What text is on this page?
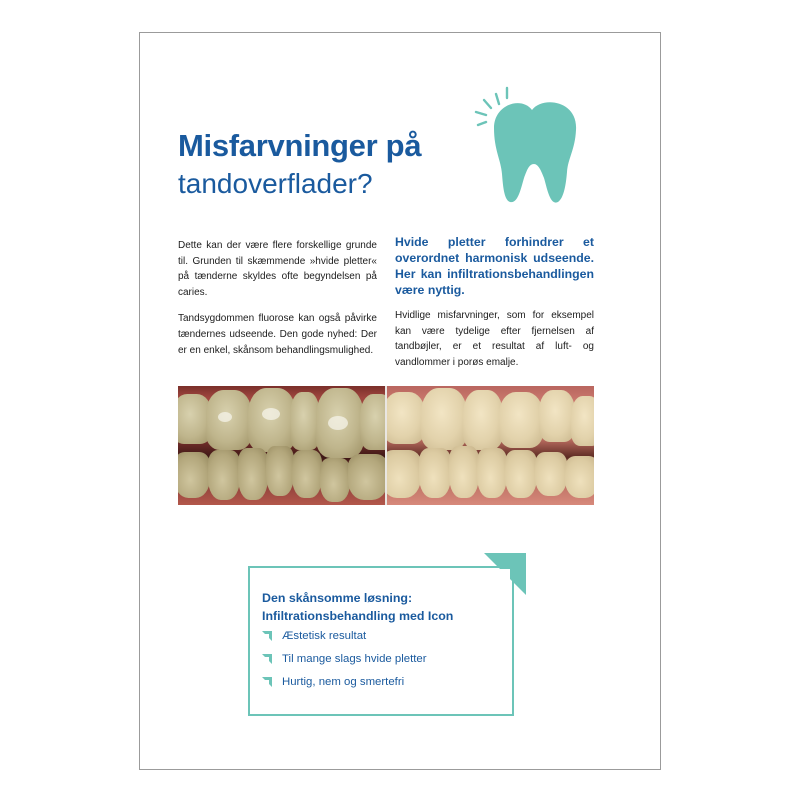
Misfarvninger på
tandoverflader?

Dette kan der være flere forskellige grunde til. Grunden til skæmmende »hvide pletter« på tænderne skyldes ofte begyndelsen på caries.

Tandsygdommen fluorose kan også påvirke tændernes udseende. Den gode nyhed: Der er en enkel, skånsom behandlingsmulighed.

Hvide pletter forhindrer et overordnet harmonisk udseende. Her kan infiltrationsbehandlingen være nyttig.

Hvidlige misfarvninger, som for eksempel kan være tydelige efter fjernelsen af tandbøjler, er et resultat af luft- og vandlommer i porøs emalje.

Den skånsomme løsning:
Infiltrationsbehandling med Icon
Æstetisk resultat
Til mange slags hvide pletter
Hurtig, nem og smertefri
